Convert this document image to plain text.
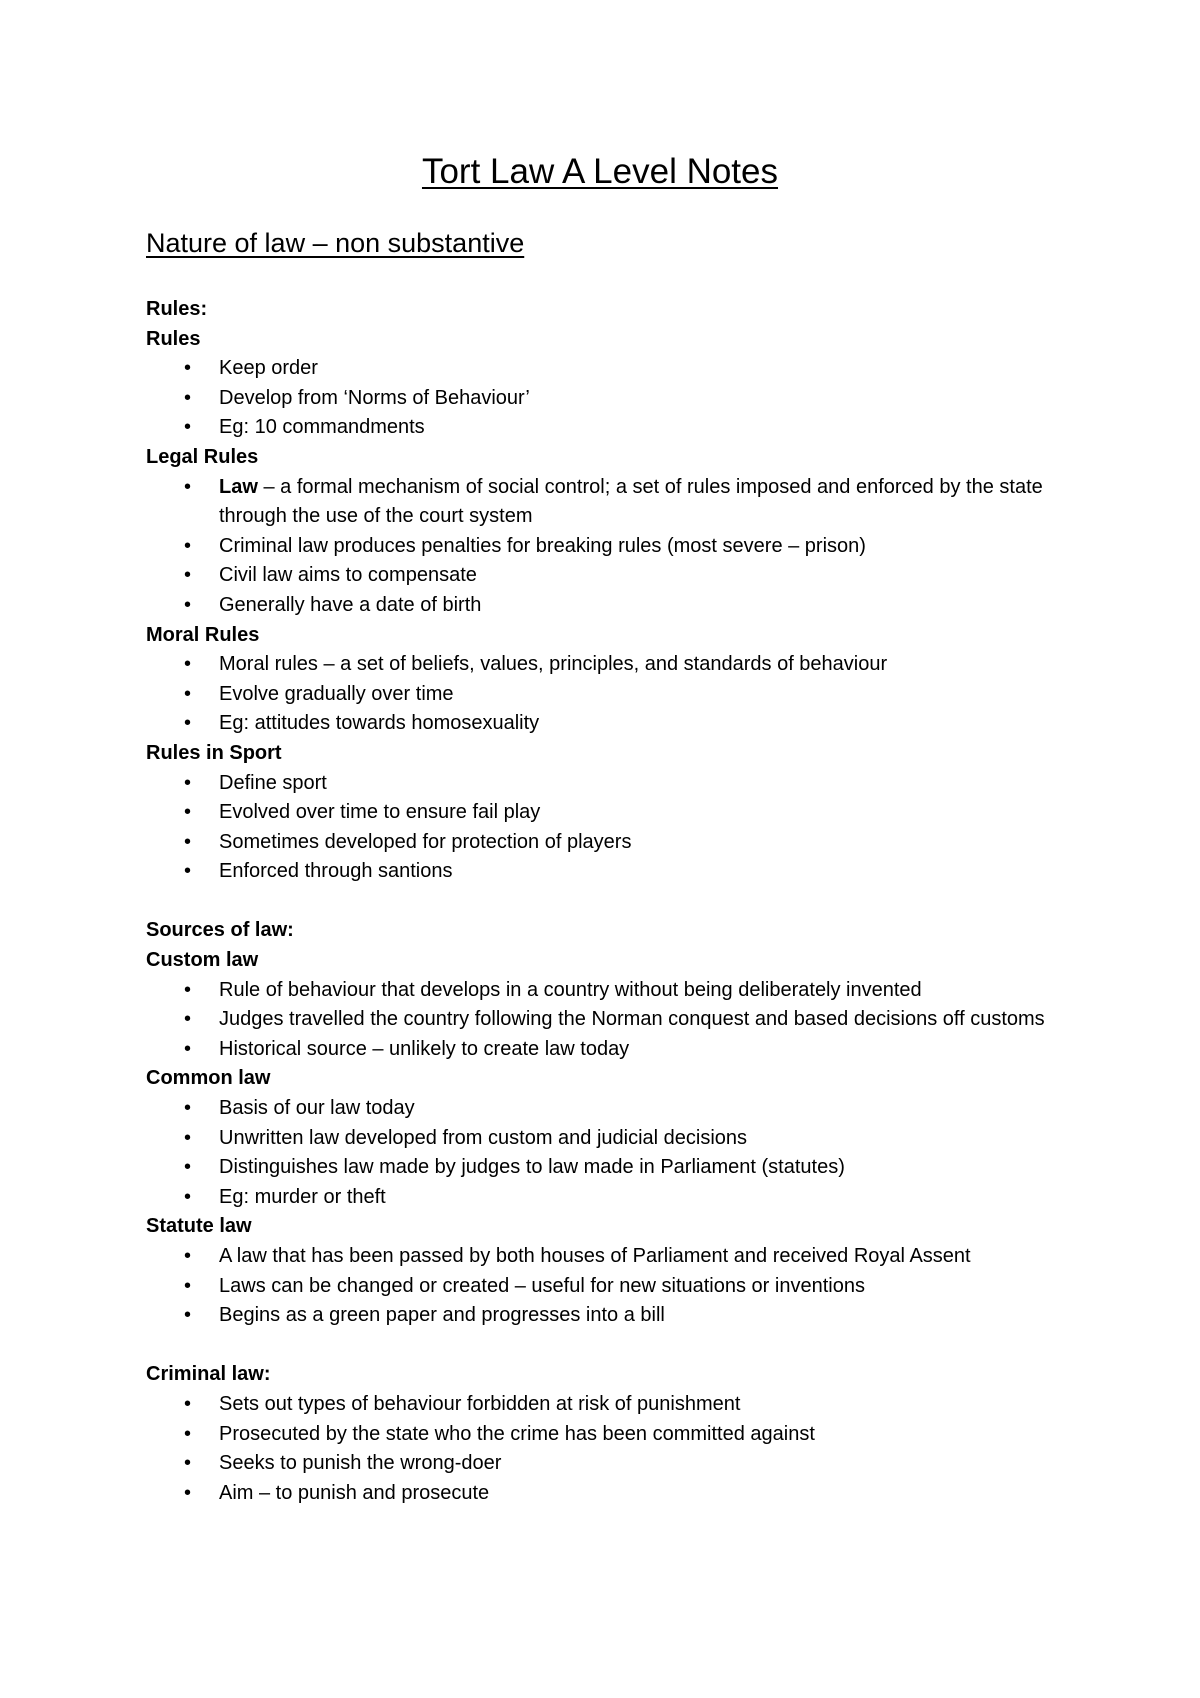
Tort Law A Level Notes
Nature of law – non substantive
Rules:
Rules
• Keep order
• Develop from ‘Norms of Behaviour’
• Eg: 10 commandments
Legal Rules
• Law – a formal mechanism of social control; a set of rules imposed and enforced by the state through the use of the court system
• Criminal law produces penalties for breaking rules (most severe – prison)
• Civil law aims to compensate
• Generally have a date of birth
Moral Rules
• Moral rules – a set of beliefs, values, principles, and standards of behaviour
• Evolve gradually over time
• Eg: attitudes towards homosexuality
Rules in Sport
• Define sport
• Evolved over time to ensure fail play
• Sometimes developed for protection of players
• Enforced through santions
Sources of law:
Custom law
• Rule of behaviour that develops in a country without being deliberately invented
• Judges travelled the country following the Norman conquest and based decisions off customs
• Historical source – unlikely to create law today
Common law
• Basis of our law today
• Unwritten law developed from custom and judicial decisions
• Distinguishes law made by judges to law made in Parliament (statutes)
• Eg: murder or theft
Statute law
• A law that has been passed by both houses of Parliament and received Royal Assent
• Laws can be changed or created – useful for new situations or inventions
• Begins as a green paper and progresses into a bill
Criminal law:
• Sets out types of behaviour forbidden at risk of punishment
• Prosecuted by the state who the crime has been committed against
• Seeks to punish the wrong-doer
• Aim – to punish and prosecute
